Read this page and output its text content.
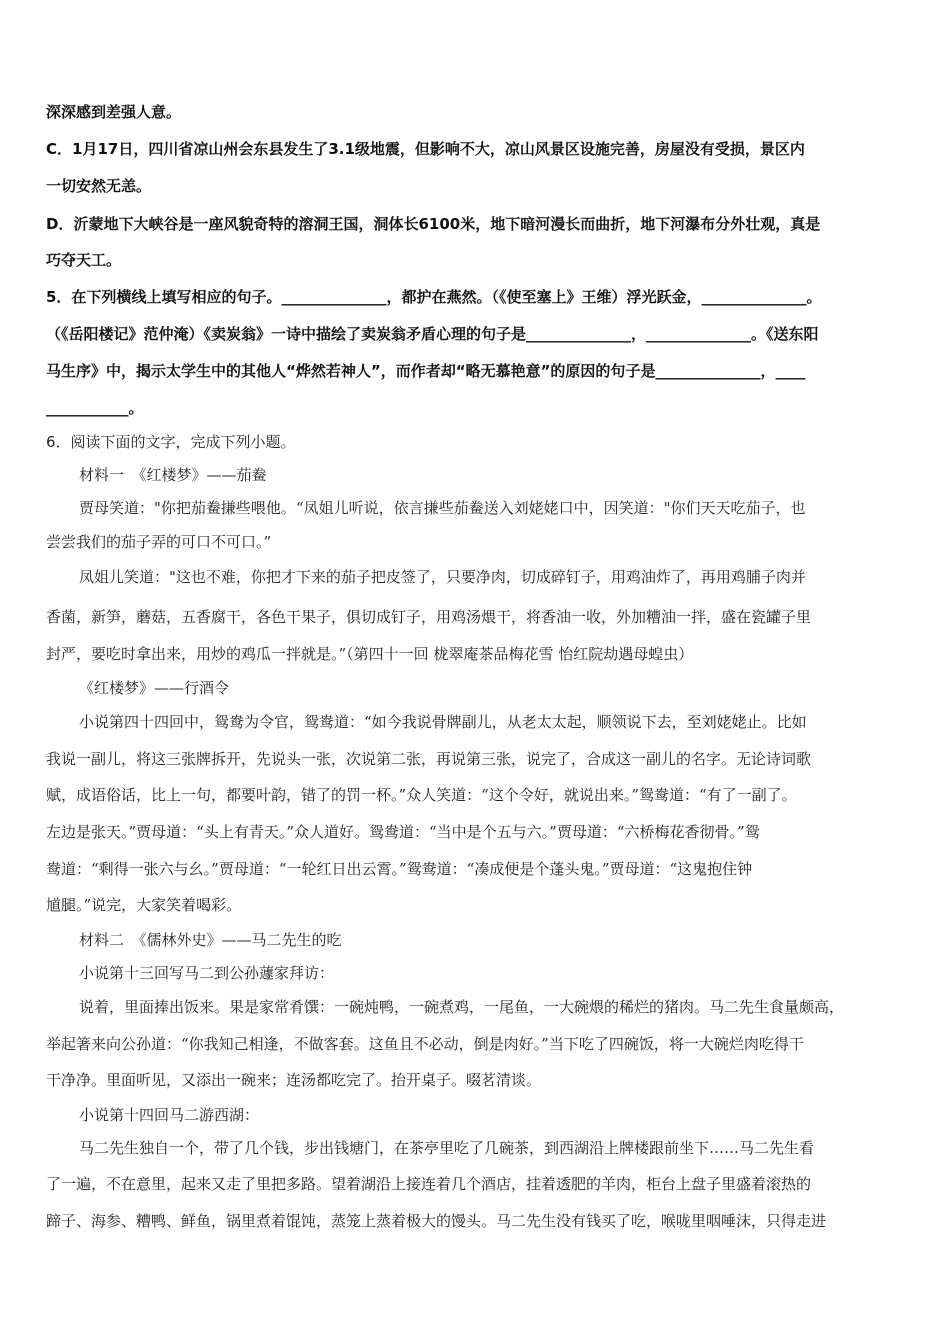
深深感到差强人意。
C．1月17日，四川省凉山州会东县发生了3.1级地震，但影响不大，凉山风景区设施完善，房屋没有受损，景区内
一切安然无恙。
D．沂蒙地下大峡谷是一座风貌奇特的溶洞王国，洞体长6100米，地下暗河漫长而曲折，地下河瀑布分外壮观，真是
巧夺天工。
5．在下列横线上填写相应的句子。______________，都护在燕然。（《使至塞上》王维）浮光跃金，______________。
（《岳阳楼记》范仲淹）《卖炭翁》一诗中描绘了卖炭翁矛盾心理的句子是______________，______________。《送东阳
马生序》中，揭示太学生中的其他人“烨然若神人”，而作者却“略无慕艳意”的原因的句子是______________，____
___________。
6．阅读下面的文字，完成下列小题。
材料一　《红楼梦》——茄鲞
贾母笑道："你把茄鲞搛些喂他。“凤姐儿听说，依言搛些茄鲞送入刘姥姥口中，因笑道："你们天天吃茄子，也
尝尝我们的茄子弄的可口不可口。”
凤姐儿笑道："这也不难，你把才下来的茄子把皮签了，只要净肉，切成碎钉子，用鸡油炸了，再用鸡脯子肉并
香菌，新笋，蘑菇，五香腐干，各色干果子，俱切成钉子，用鸡汤煨干，将香油一收，外加糟油一拌，盛在瓷罐子里
封严，要吃时拿出来，用炒的鸡瓜一拌就是。”（第四十一回 栊翠庵茶品梅花雪 怡红院劫遇母蝗虫）
《红楼梦》——行酒令
小说第四十四回中，鸳鸯为令官，鸳鸯道：“如今我说骨牌副儿，从老太太起，顺领说下去，至刘姥姥止。比如
我说一副儿，将这三张牌拆开，先说头一张，次说第二张，再说第三张，说完了，合成这一副儿的名字。无论诗词歌
赋，成语俗话，比上一句，都要叶韵，错了的罚一杯。”众人笑道：“这个令好，就说出来。”鸳鸯道：“有了一副了。
左边是张天。”贾母道：“头上有青天。”众人道好。鸳鸯道：“当中是个五与六。”贾母道：“六桥梅花香彻骨。”鸳
鸯道：“剩得一张六与幺。”贾母道：“一轮红日出云霄。”鸳鸯道：“凑成便是个蓬头鬼。”贾母道：“这鬼抱住钟
馗腿。”说完，大家笑着喝彩。
材料二　《儒林外史》——马二先生的吃
小说第十三回写马二到公孙蘧家拜访：
说着，里面捧出饭来。果是家常肴馔：一碗炖鸭，一碗煮鸡，一尾鱼，一大碗煨的稀烂的猪肉。马二先生食量颇高，
举起箸来向公孙道：“你我知己相逢，不做客套。这鱼且不必动，倒是肉好。”当下吃了四碗饭，将一大碗烂肉吃得干
干净净。里面听见，又添出一碗来；连汤都吃完了。抬开桌子。啜茗清谈。
小说第十四回马二游西湖：
马二先生独自一个，带了几个钱，步出钱塘门，在茶亭里吃了几碗茶，到西湖沿上牌楼跟前坐下……马二先生看
了一遍，不在意里，起来又走了里把多路。望着湖沿上接连着几个酒店，挂着透肥的羊肉，柜台上盘子里盛着滚热的
蹄子、海参、糟鸭、鲜鱼，锅里煮着馄饨，蒸笼上蒸着极大的馒头。马二先生没有钱买了吃，喉咙里咽唾沫，只得走进
